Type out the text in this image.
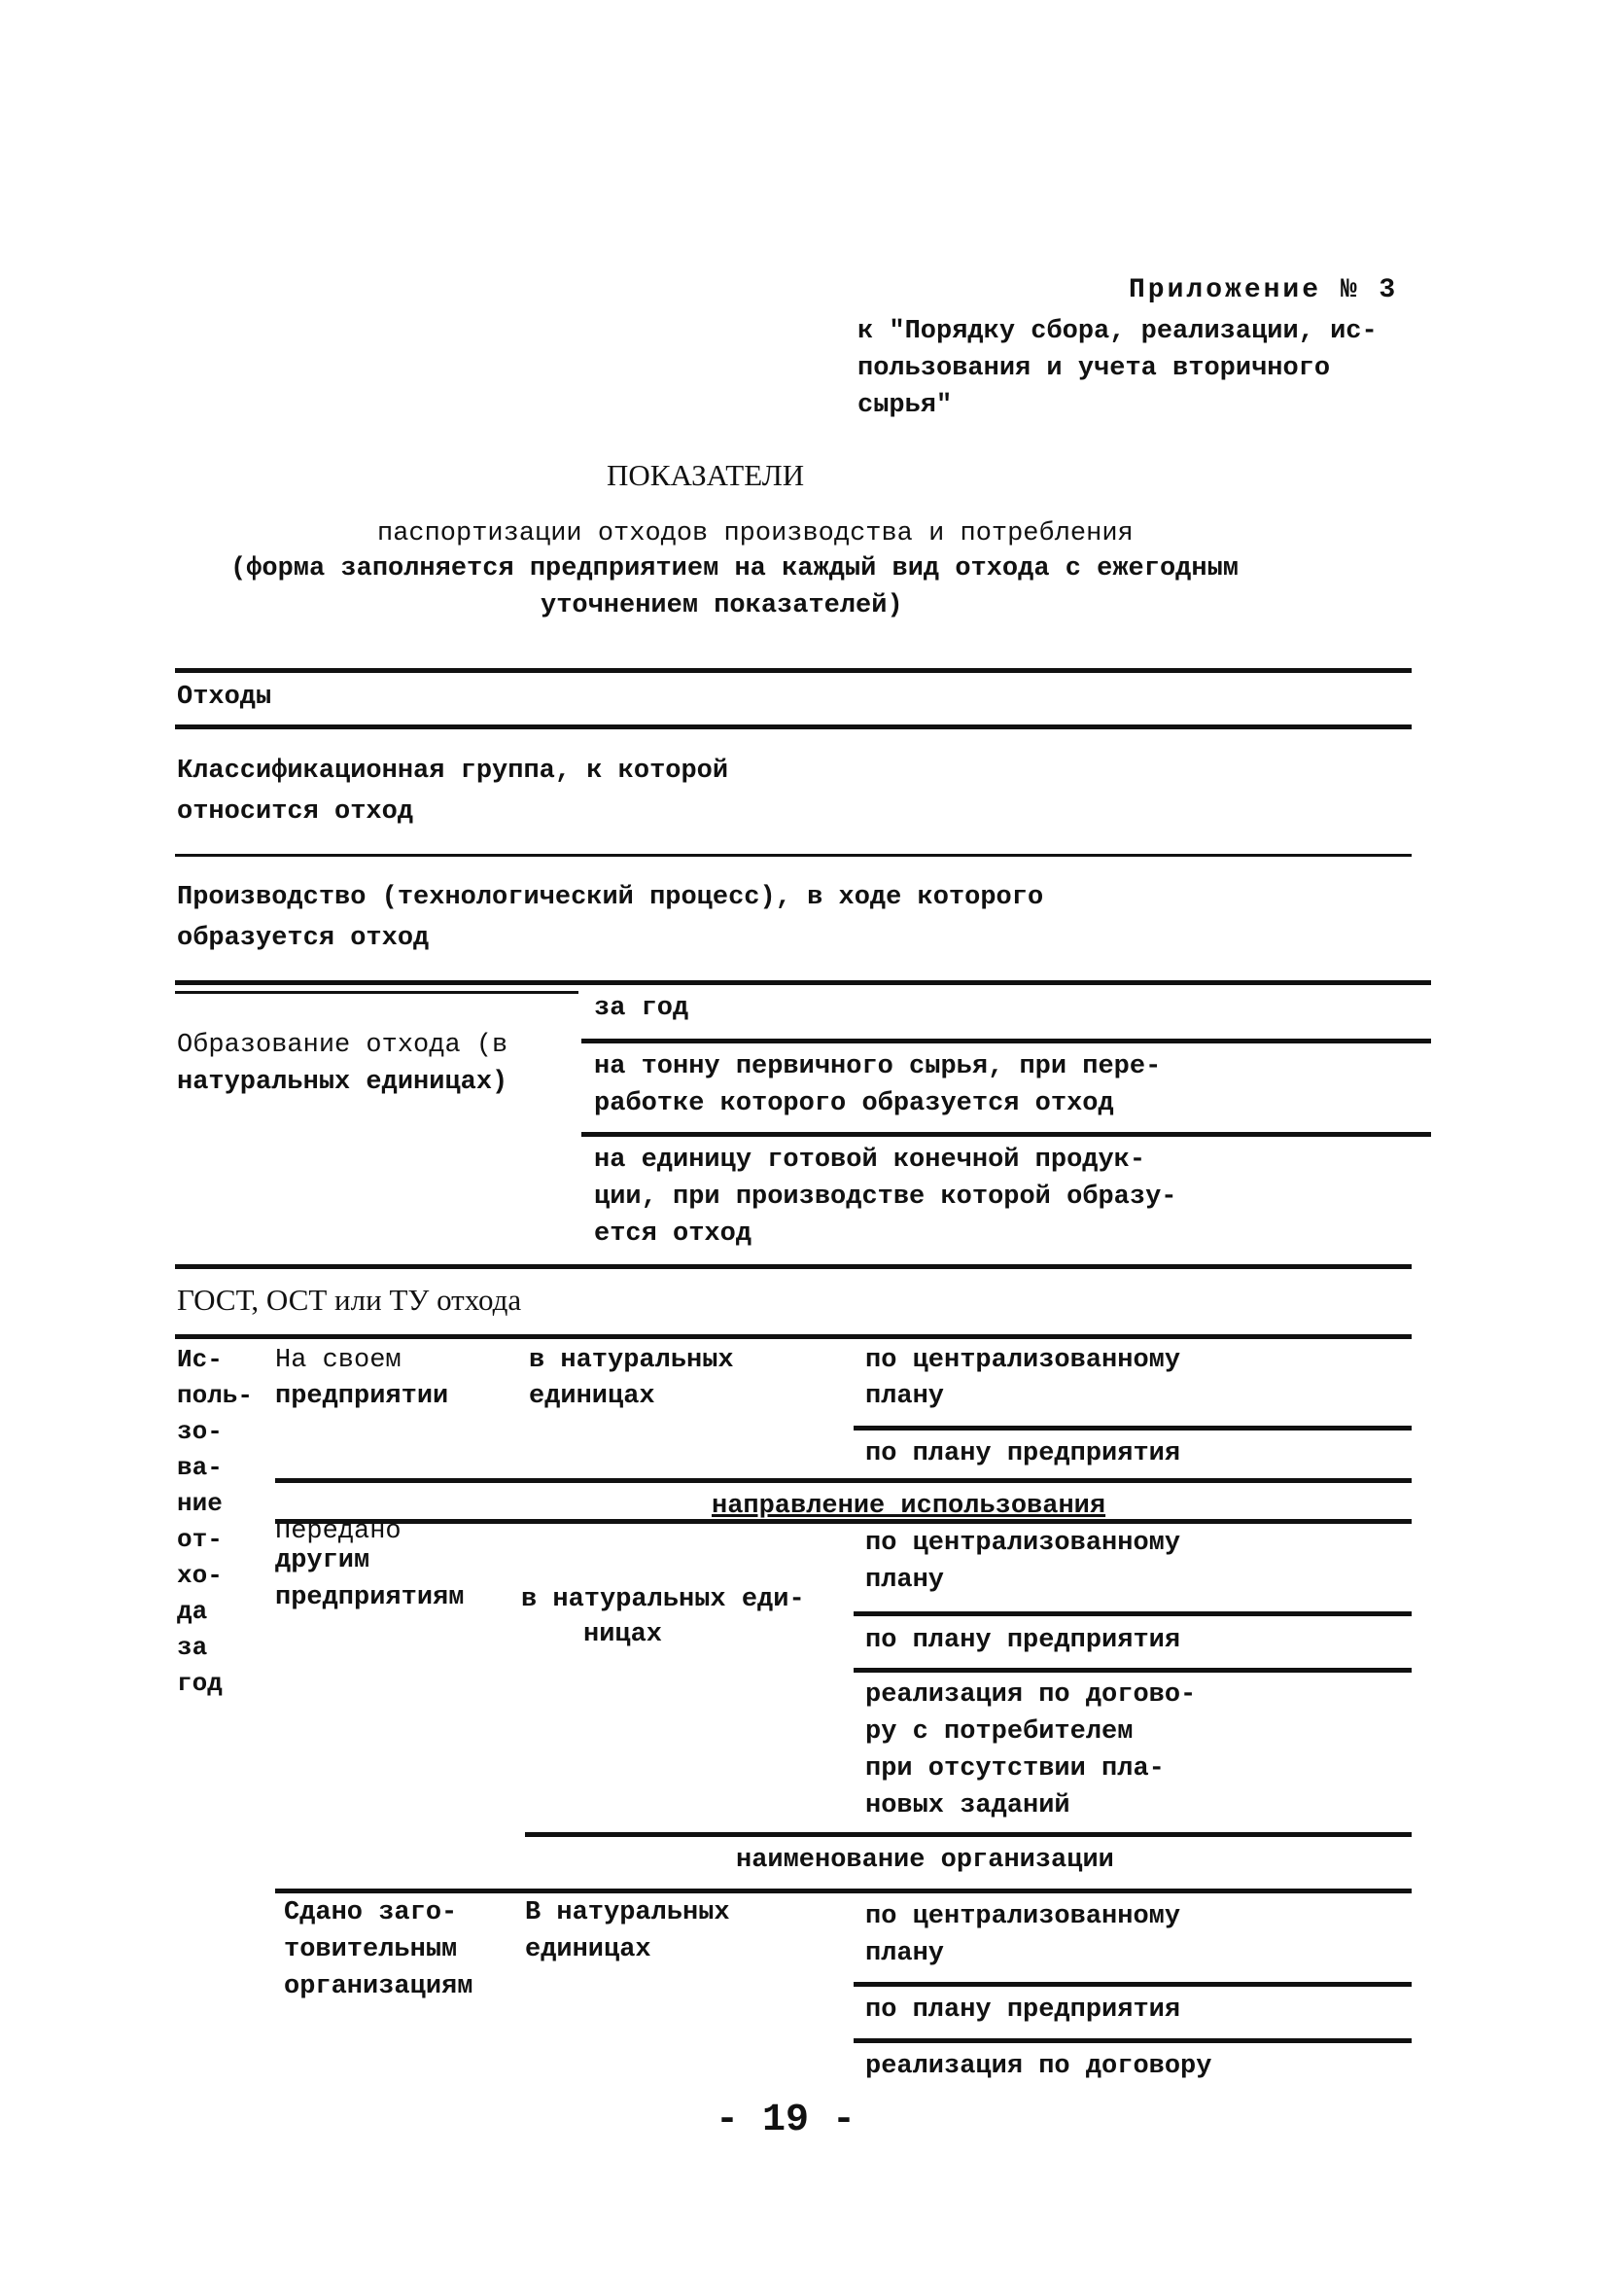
Приложение № 3
к "Порядку сбора, реализации, ис-
пользования и учета вторичного
сырья"
ПОКАЗАТЕЛИ
паспортизации отходов производства и потребления
(форма заполняется предприятием на каждый вид отхода с ежегодным
уточнением показателей)
Отходы
Классификационная группа, к которой
относится отход
Производство (технологический процесс), в ходе которого
образуется отход
за год
Образование отхода (в
натуральных единицах)
на тонну первичного сырья, при пере-
работке которого образуется отход
на единицу готовой конечной продук-
ции, при производстве которой образу-
ется отход
ГОСТ, ОСТ или ТУ отхода
Ис-
поль-
зо-
ва-
ние
от-
хо-
да
за
год
На своем
предприятии
в натуральных
единицах
по централизованному
плану
по плану предприятия
направление использования
Передано
другим
предприятиям в натуральных еди-
ницах
по централизованному
плану
по плану предприятия
реализация по догово-
ру с потребителем
при отсутствии пла-
новых заданий
наименование организации
Сдано заго-
товительным
организациям
В натуральных
единицах
по централизованному
плану
по плану предприятия
реализация по договору
- 19 -
